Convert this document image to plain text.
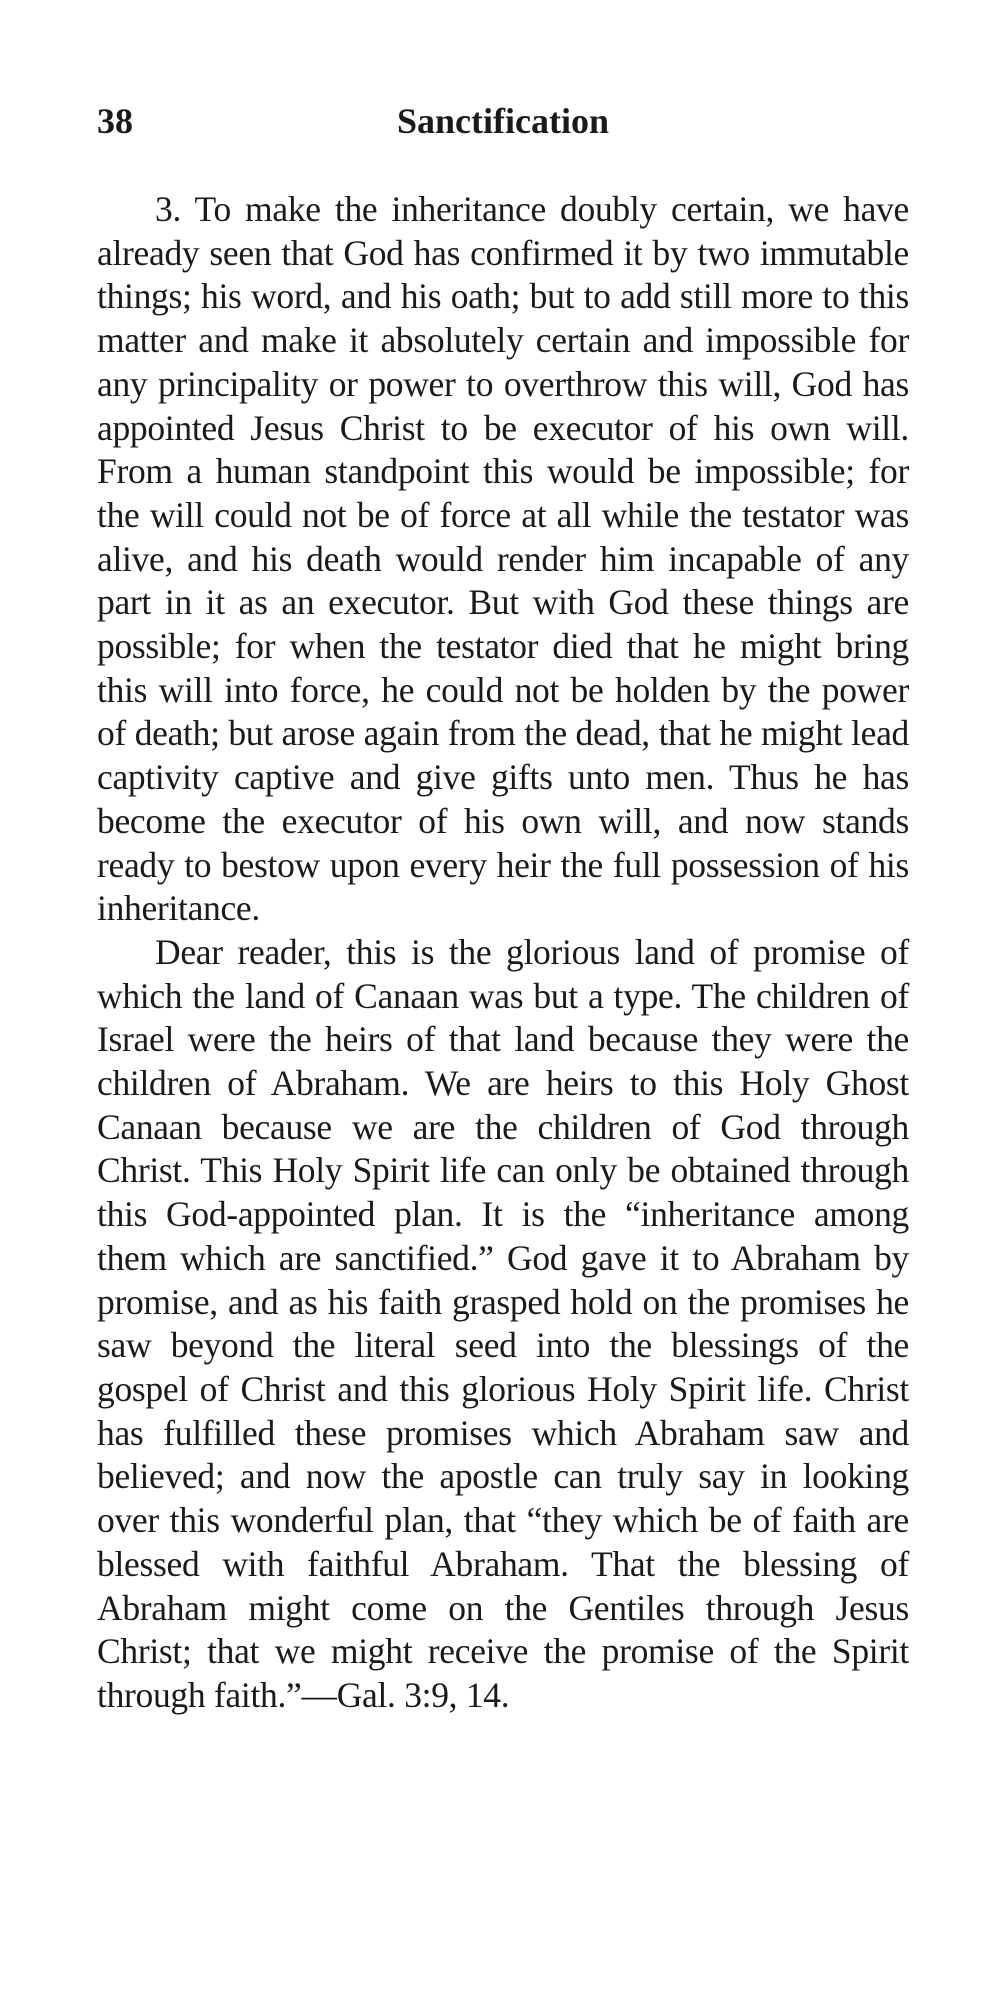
38	Sanctification

3. To make the inheritance doubly certain, we have already seen that God has confirmed it by two immutable things; his word, and his oath; but to add still more to this matter and make it absolutely certain and impossible for any principality or power to overthrow this will, God has appointed Jesus Christ to be executor of his own will. From a human standpoint this would be impossible; for the will could not be of force at all while the testator was alive, and his death would render him incapable of any part in it as an executor. But with God these things are possible; for when the testator died that he might bring this will into force, he could not be holden by the power of death; but arose again from the dead, that he might lead captivity captive and give gifts unto men. Thus he has become the executor of his own will, and now stands ready to bestow upon every heir the full possession of his inheritance.

Dear reader, this is the glorious land of promise of which the land of Canaan was but a type. The children of Israel were the heirs of that land because they were the children of Abraham. We are heirs to this Holy Ghost Canaan because we are the children of God through Christ. This Holy Spirit life can only be obtained through this God-appointed plan. It is the “inheritance among them which are sanctified.” God gave it to Abraham by promise, and as his faith grasped hold on the promises he saw beyond the literal seed into the blessings of the gospel of Christ and this glorious Holy Spirit life. Christ has fulfilled these promises which Abraham saw and believed; and now the apostle can truly say in looking over this wonderful plan, that “they which be of faith are blessed with faithful Abraham. That the blessing of Abraham might come on the Gentiles through Jesus Christ; that we might receive the promise of the Spirit through faith.”—Gal. 3:9, 14.
